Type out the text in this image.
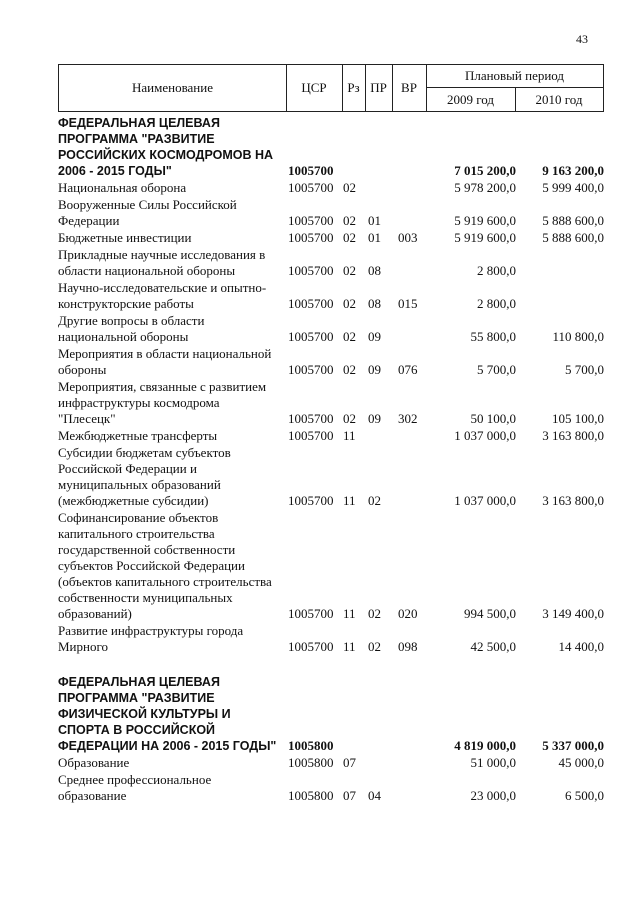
43
Наименование	ЦСР	Рз ПР	ВР
Плановый период
2009 год	2010 год
ФЕДЕРАЛЬНАЯ ЦЕЛЕВАЯ ПРОГРАММА "РАЗВИТИЕ РОССИЙСКИХ КОСМОДРОМОВ НА 2006 - 2015 ГОДЫ"	1005700	7 015 200,0 9 163 200,0
Национальная оборона	1005700 02	5 978 200,0 5 999 400,0
Вооруженные Силы Российской Федерации	1005700 02 01	5 919 600,0 5 888 600,0
Бюджетные инвестиции	1005700 02 01 003	5 919 600,0 5 888 600,0
Прикладные научные исследования в области национальной обороны	1005700 02 08	2 800,0
Научно-исследовательские и опытно-конструкторские работы	1005700 02 08 015	2 800,0
Другие вопросы в области национальной обороны	1005700 02 09	55 800,0	110 800,0
Мероприятия в области национальной обороны	1005700 02 09 076	5 700,0	5 700,0
Мероприятия, связанные с развитием инфраструктуры космодрома "Плесецк"	1005700 02 09 302	50 100,0	105 100,0
Межбюджетные трансферты	1005700 11	1 037 000,0 3 163 800,0
Субсидии бюджетам субъектов Российской Федерации и муниципальных образований (межбюджетные субсидии)	1005700 11 02	1 037 000,0 3 163 800,0
Софинансирование объектов капитального строительства государственной собственности субъектов Российской Федерации (объектов капитального строительства собственности муниципальных образований)	1005700 11 02 020	994 500,0 3 149 400,0
Развитие инфраструктуры города Мирного	1005700 11 02 098	42 500,0	14 400,0
ФЕДЕРАЛЬНАЯ ЦЕЛЕВАЯ ПРОГРАММА "РАЗВИТИЕ ФИЗИЧЕСКОЙ КУЛЬТУРЫ И СПОРТА В РОССИЙСКОЙ ФЕДЕРАЦИИ НА 2006 - 2015 ГОДЫ" 1005800	4 819 000,0 5 337 000,0
Образование	1005800 07	51 000,0	45 000,0
Среднее профессиональное образование	1005800 07 04	23 000,0	6 500,0
